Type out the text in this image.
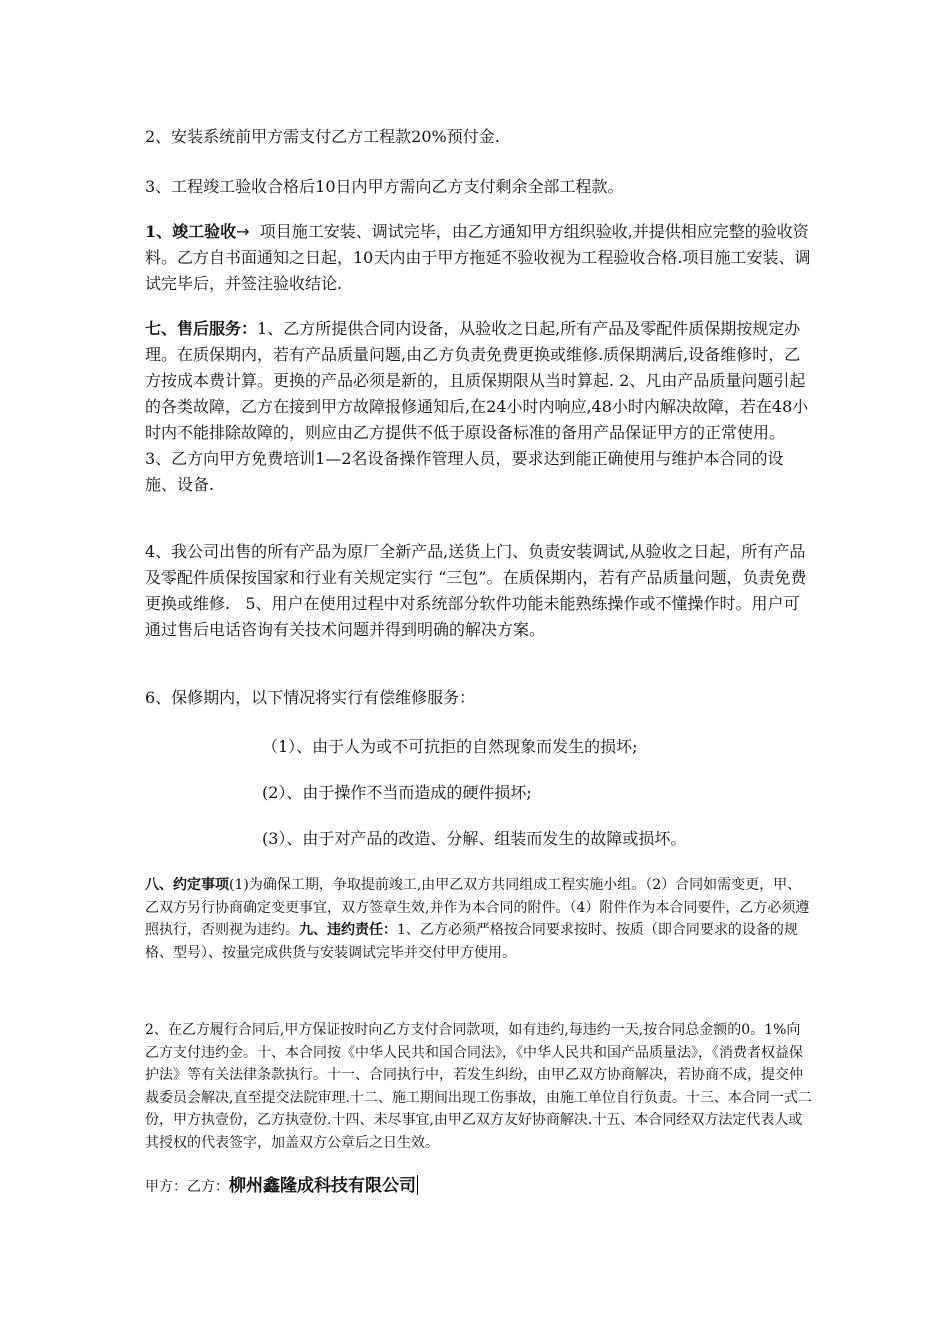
2、安装系统前甲方需支付乙方工程款20%预付金.

3、工程竣工验收合格后10日内甲方需向乙方支付剩余全部工程款。

1、竣工验收→  项目施工安装、调试完毕，由乙方通知甲方组织验收,并提供相应完整的验收资料。乙方自书面通知之日起，10天内由于甲方拖延不验收视为工程验收合格.项目施工安装、调试完毕后，并签注验收结论.

七、售后服务：1、乙方所提供合同内设备，从验收之日起,所有产品及零配件质保期按规定办理。在质保期内，若有产品质量问题,由乙方负责免费更换或维修.质保期满后,设备维修时，乙方按成本费计算。更换的产品必须是新的，且质保期限从当时算起. 2、凡由产品质量问题引起的各类故障，乙方在接到甲方故障报修通知后,在24小时内响应,48小时内解决故障，若在48小时内不能排除故障的，则应由乙方提供不低于原设备标准的备用产品保证甲方的正常使用。 3、乙方向甲方免费培训1—2名设备操作管理人员，要求达到能正确使用与维护本合同的设施、设备.

4、我公司出售的所有产品为原厂全新产品,送货上门、负责安装调试,从验收之日起，所有产品及零配件质保按国家和行业有关规定实行 “三包”。在质保期内，若有产品质量问题，负责免费更换或维修.   5、用户在使用过程中对系统部分软件功能未能熟练操作或不懂操作时。用户可通过售后电话咨询有关技术问题并得到明确的解决方案。

6、保修期内，以下情况将实行有偿维修服务：

（1）、由于人为或不可抗拒的自然现象而发生的损坏;

(2）、由于操作不当而造成的硬件损坏;

(3）、由于对产品的改造、分解、组装而发生的故障或损坏。

八、约定事项(1)为确保工期，争取提前竣工,由甲乙双方共同组成工程实施小组。（2）合同如需变更，甲、乙双方另行协商确定变更事宜，双方签章生效,并作为本合同的附件。（4）附件作为本合同要件，乙方必须遵照执行，否则视为违约。九、违约责任：1、乙方必须严格按合同要求按时、按质（即合同要求的设备的规格、型号）、按量完成供货与安装调试完毕并交付甲方使用。

2、在乙方履行合同后,甲方保证按时向乙方支付合同款项，如有违约,每违约一天,按合同总金额的0。1%向乙方支付违约金。十、本合同按《中华人民共和国合同法》，《中华人民共和国产品质量法》，《消费者权益保护法》等有关法律条款执行。十一、合同执行中，若发生纠纷，由甲乙双方协商解决，若协商不成，提交仲裁委员会解决,直至提交法院审理.十二、施工期间出现工伤事故，由施工单位自行负责。十三、本合同一式二份，甲方执壹份，乙方执壹份.十四、未尽事宜,由甲乙双方友好协商解决.十五、本合同经双方法定代表人或其授权的代表签字，加盖双方公章后之日生效。

甲方：乙方：柳州鑫隆成科技有限公司
